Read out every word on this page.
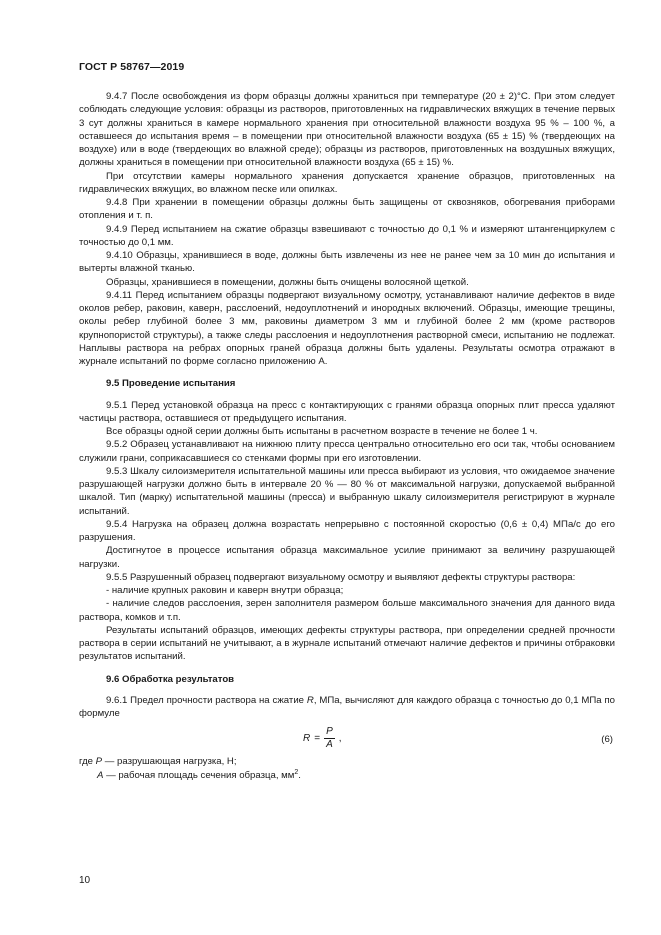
ГОСТ Р 58767—2019

9.4.7 После освобождения из форм образцы должны храниться при температуре (20 ± 2)°С. При этом следует соблюдать следующие условия: образцы из растворов, приготовленных на гидравлических вяжущих в течение первых 3 сут должны храниться в камере нормального хранения при относительной влажности воздуха 95 % – 100 %, а оставшееся до испытания время – в помещении при относительной влажности воздуха (65 ± 15) % (твердеющих на воздухе) или в воде (твердеющих во влажной среде); образцы из растворов, приготовленных на воздушных вяжущих, должны храниться в помещении при относительной влажности воздуха (65 ± 15) %.

При отсутствии камеры нормального хранения допускается хранение образцов, приготовленных на гидравлических вяжущих, во влажном песке или опилках.

9.4.8 При хранении в помещении образцы должны быть защищены от сквозняков, обогревания приборами отопления и т. п.

9.4.9 Перед испытанием на сжатие образцы взвешивают с точностью до 0,1 % и измеряют штангенциркулем с точностью до 0,1 мм.

9.4.10 Образцы, хранившиеся в воде, должны быть извлечены из нее не ранее чем за 10 мин до испытания и вытерты влажной тканью.

Образцы, хранившиеся в помещении, должны быть очищены волосяной щеткой.

9.4.11 Перед испытанием образцы подвергают визуальному осмотру, устанавливают наличие дефектов в виде околов ребер, раковин, каверн, расслоений, недоуплотнений и инородных включений. Образцы, имеющие трещины, околы ребер глубиной более 3 мм, раковины диаметром 3 мм и глубиной более 2 мм (кроме растворов крупнопористой структуры), а также следы расслоения и недоуплотнения растворной смеси, испытанию не подлежат. Наплывы раствора на ребрах опорных граней образца должны быть удалены. Результаты осмотра отражают в журнале испытаний по форме согласно приложению А.

9.5 Проведение испытания

9.5.1 Перед установкой образца на пресс с контактирующих с гранями образца опорных плит пресса удаляют частицы раствора, оставшиеся от предыдущего испытания.

Все образцы одной серии должны быть испытаны в расчетном возрасте в течение не более 1 ч.

9.5.2 Образец устанавливают на нижнюю плиту пресса центрально относительно его оси так, чтобы основанием служили грани, соприкасавшиеся со стенками формы при его изготовлении.

9.5.3 Шкалу силоизмерителя испытательной машины или пресса выбирают из условия, что ожидаемое значение разрушающей нагрузки должно быть в интервале 20 % — 80 % от максимальной нагрузки, допускаемой выбранной шкалой. Тип (марку) испытательной машины (пресса) и выбранную шкалу силоизмерителя регистрируют в журнале испытаний.

9.5.4 Нагрузка на образец должна возрастать непрерывно с постоянной скоростью (0,6 ± 0,4) МПа/с до его разрушения.

Достигнутое в процессе испытания образца максимальное усилие принимают за величину разрушающей нагрузки.

9.5.5 Разрушенный образец подвергают визуальному осмотру и выявляют дефекты структуры раствора:

- наличие крупных раковин и каверн внутри образца;

- наличие следов расслоения, зерен заполнителя размером больше максимального значения для данного вида раствора, комков и т.п.

Результаты испытаний образцов, имеющих дефекты структуры раствора, при определении средней прочности раствора в серии испытаний не учитывают, а в журнале испытаний отмечают наличие дефектов и причины отбраковки результатов испытаний.

9.6 Обработка результатов

9.6.1 Предел прочности раствора на сжатие R, МПа, вычисляют для каждого образца с точностью до 0,1 МПа по формуле

$R = \frac{P}{A}$ ,	(6)

где P — разрушающая нагрузка, Н;

A — рабочая площадь сечения образца, $мм^2$.

10
